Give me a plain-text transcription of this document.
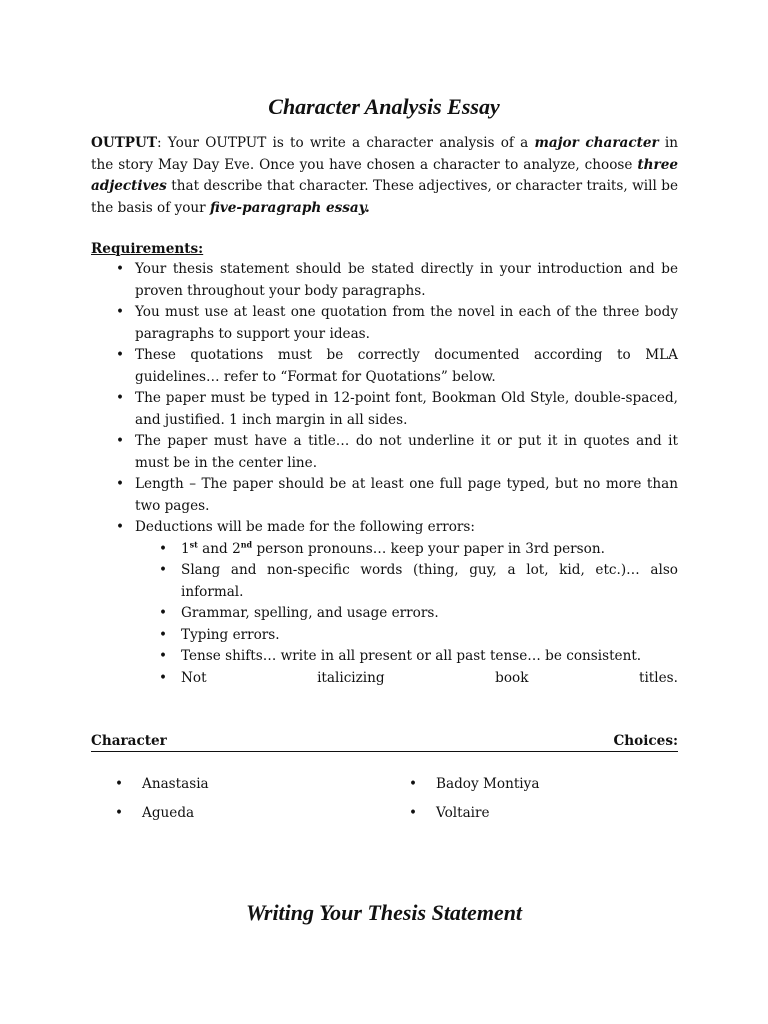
Character Analysis Essay

OUTPUT: Your OUTPUT is to write a character analysis of a major character in the story May Day Eve. Once you have chosen a character to analyze, choose three adjectives that describe that character. These adjectives, or character traits, will be the basis of your five-paragraph essay.

Requirements:

• Your thesis statement should be stated directly in your introduction and be proven throughout your body paragraphs.
• You must use at least one quotation from the novel in each of the three body paragraphs to support your ideas.
• These quotations must be correctly documented according to MLA guidelines… refer to “Format for Quotations” below.
• The paper must be typed in 12-point font, Bookman Old Style, double-spaced, and justified. 1 inch margin in all sides.
• The paper must have a title… do not underline it or put it in quotes and it must be in the center line.
• Length – The paper should be at least one full page typed, but no more than two pages.
• Deductions will be made for the following errors:
• 1st and 2nd person pronouns… keep your paper in 3rd person.
• Slang and non-specific words (thing, guy, a lot, kid, etc.)… also informal.
• Grammar, spelling, and usage errors.
• Typing errors.
• Tense shifts… write in all present or all past tense… be consistent.
• Not	italicizing	book	titles.
Character	Choices:
• Anastasia
• Agueda
• Badoy Montiya
• Voltaire
Writing Your Thesis Statement
